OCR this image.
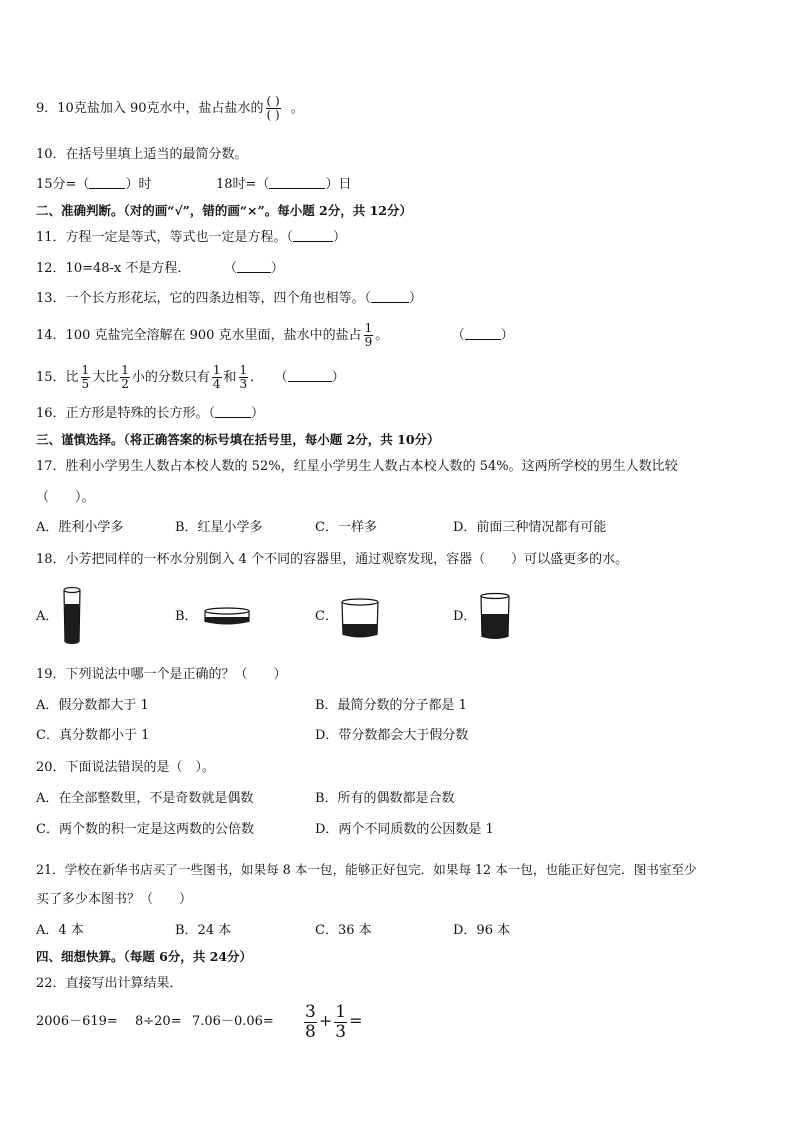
9．10克盐加入 90克水中，盐占盐水的 $\frac{( )}{( )}$ 。
10．在括号里填上适当的最简分数。
15分=（	）时	18时=（	）日
二、准确判断。（对的画“√”，错的画“×”。每小题 2分，共 12分）
11．方程一定是等式，等式也一定是方程。（	）
12．10=48-x 不是方程．	（	）
13．一个长方形花坛，它的四条边相等，四个角也相等。（	）
14．100 克盐完全溶解在 900 克水里面，盐水中的盐占 $\frac{1}{9}$ 。	（	）
15．比 $\frac{1}{5}$ 大比 $\frac{1}{2}$ 小的分数只有 $\frac{1}{4}$ 和 $\frac{1}{3}$ ． （	）
16．正方形是特殊的长方形。（	）
三、谨慎选择。（将正确答案的标号填在括号里，每小题 2分，共 10分）
17．胜利小学男生人数占本校人数的 52%，红星小学男生人数占本校人数的 54%。这两所学校的男生人数比较
（　　）。
A．胜利小学多	B．红星小学多	C．一样多	D．前面三种情况都有可能
18．小芳把同样的一杯水分别倒入 4 个不同的容器里，通过观察发现，容器（　　）可以盛更多的水。
A．	B．	C．	D．
19．下列说法中哪一个是正确的？（　　）
A．假分数都大于 1	B．最简分数的分子都是 1
C．真分数都小于 1	D．带分数都会大于假分数
20．下面说法错误的是（　）。
A．在全部整数里，不是奇数就是偶数	B．所有的偶数都是合数
C．两个数的积一定是这两数的公倍数	D．两个不同质数的公因数是 1
21．学校在新华书店买了一些图书，如果每 8 本一包，能够正好包完．如果每 12 本一包，也能正好包完．图书室至少
买了多少本图书？（　　）
A．4 本	B．24 本	C．36 本	D．96 本
四、细想快算。（每题 6分，共 24分）
22．直接写出计算结果．
$2006-619= 8\div 20= 7.06-0.06= \frac{3}{8} + \frac{1}{3}$ =
